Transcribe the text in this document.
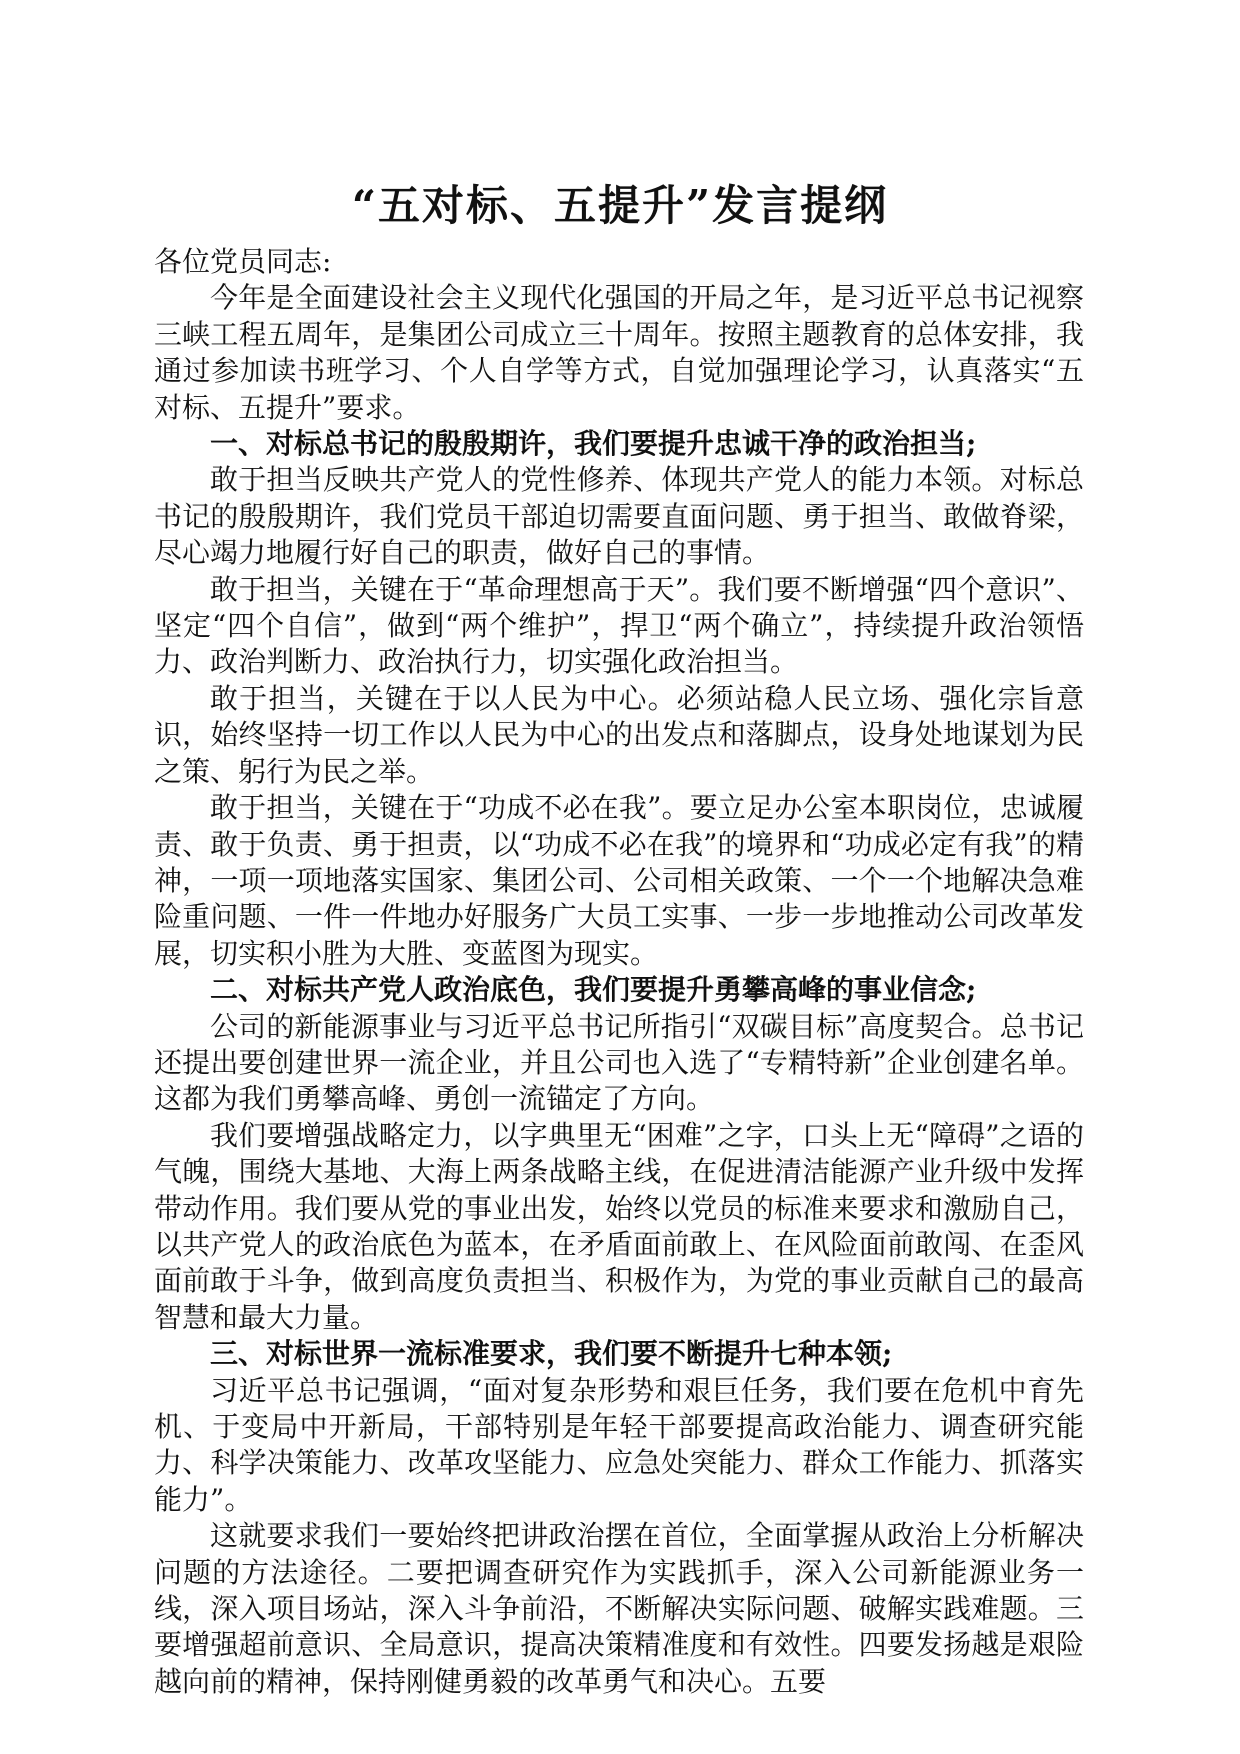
“五对标、五提升”发言提纲

各位党员同志:

今年是全面建设社会主义现代化强国的开局之年，是习近平总书记视察三峡工程五周年，是集团公司成立三十周年。按照主题教育的总体安排，我通过参加读书班学习、个人自学等方式，自觉加强理论学习，认真落实“五对标、五提升”要求。

一、对标总书记的殷殷期许，我们要提升忠诚干净的政治担当;

敢于担当反映共产党人的党性修养、体现共产党人的能力本领。对标总书记的殷殷期许，我们党员干部迫切需要直面问题、勇于担当、敢做脊梁，尽心竭力地履行好自己的职责，做好自己的事情。

敢于担当，关键在于“革命理想高于天”。我们要不断增强“四个意识”、坚定“四个自信”，做到“两个维护”，捍卫“两个确立”，持续提升政治领悟力、政治判断力、政治执行力，切实强化政治担当。

敢于担当，关键在于以人民为中心。必须站稳人民立场、强化宗旨意识，始终坚持一切工作以人民为中心的出发点和落脚点，设身处地谋划为民之策、躬行为民之举。

敢于担当，关键在于“功成不必在我”。要立足办公室本职岗位，忠诚履责、敢于负责、勇于担责，以“功成不必在我”的境界和“功成必定有我”的精神，一项一项地落实国家、集团公司、公司相关政策、一个一个地解决急难险重问题、一件一件地办好服务广大员工实事、一步一步地推动公司改革发展，切实积小胜为大胜、变蓝图为现实。

二、对标共产党人政治底色，我们要提升勇攀高峰的事业信念;

公司的新能源事业与习近平总书记所指引“双碳目标”高度契合。总书记还提出要创建世界一流企业，并且公司也入选了“专精特新”企业创建名单。这都为我们勇攀高峰、勇创一流锚定了方向。

我们要增强战略定力，以字典里无“困难”之字，口头上无“障碍”之语的气魄，围绕大基地、大海上两条战略主线，在促进清洁能源产业升级中发挥带动作用。我们要从党的事业出发，始终以党员的标准来要求和激励自己，以共产党人的政治底色为蓝本，在矛盾面前敢上、在风险面前敢闯、在歪风面前敢于斗争，做到高度负责担当、积极作为，为党的事业贡献自己的最高智慧和最大力量。

三、对标世界一流标准要求，我们要不断提升七种本领;

习近平总书记强调，“面对复杂形势和艰巨任务，我们要在危机中育先机、于变局中开新局，干部特别是年轻干部要提高政治能力、调查研究能力、科学决策能力、改革攻坚能力、应急处突能力、群众工作能力、抓落实能力”。

这就要求我们一要始终把讲政治摆在首位，全面掌握从政治上分析解决问题的方法途径。二要把调查研究作为实践抓手，深入公司新能源业务一线，深入项目场站，深入斗争前沿，不断解决实际问题、破解实践难题。三要增强超前意识、全局意识，提高决策精准度和有效性。四要发扬越是艰险越向前的精神，保持刚健勇毅的改革勇气和决心。五要
